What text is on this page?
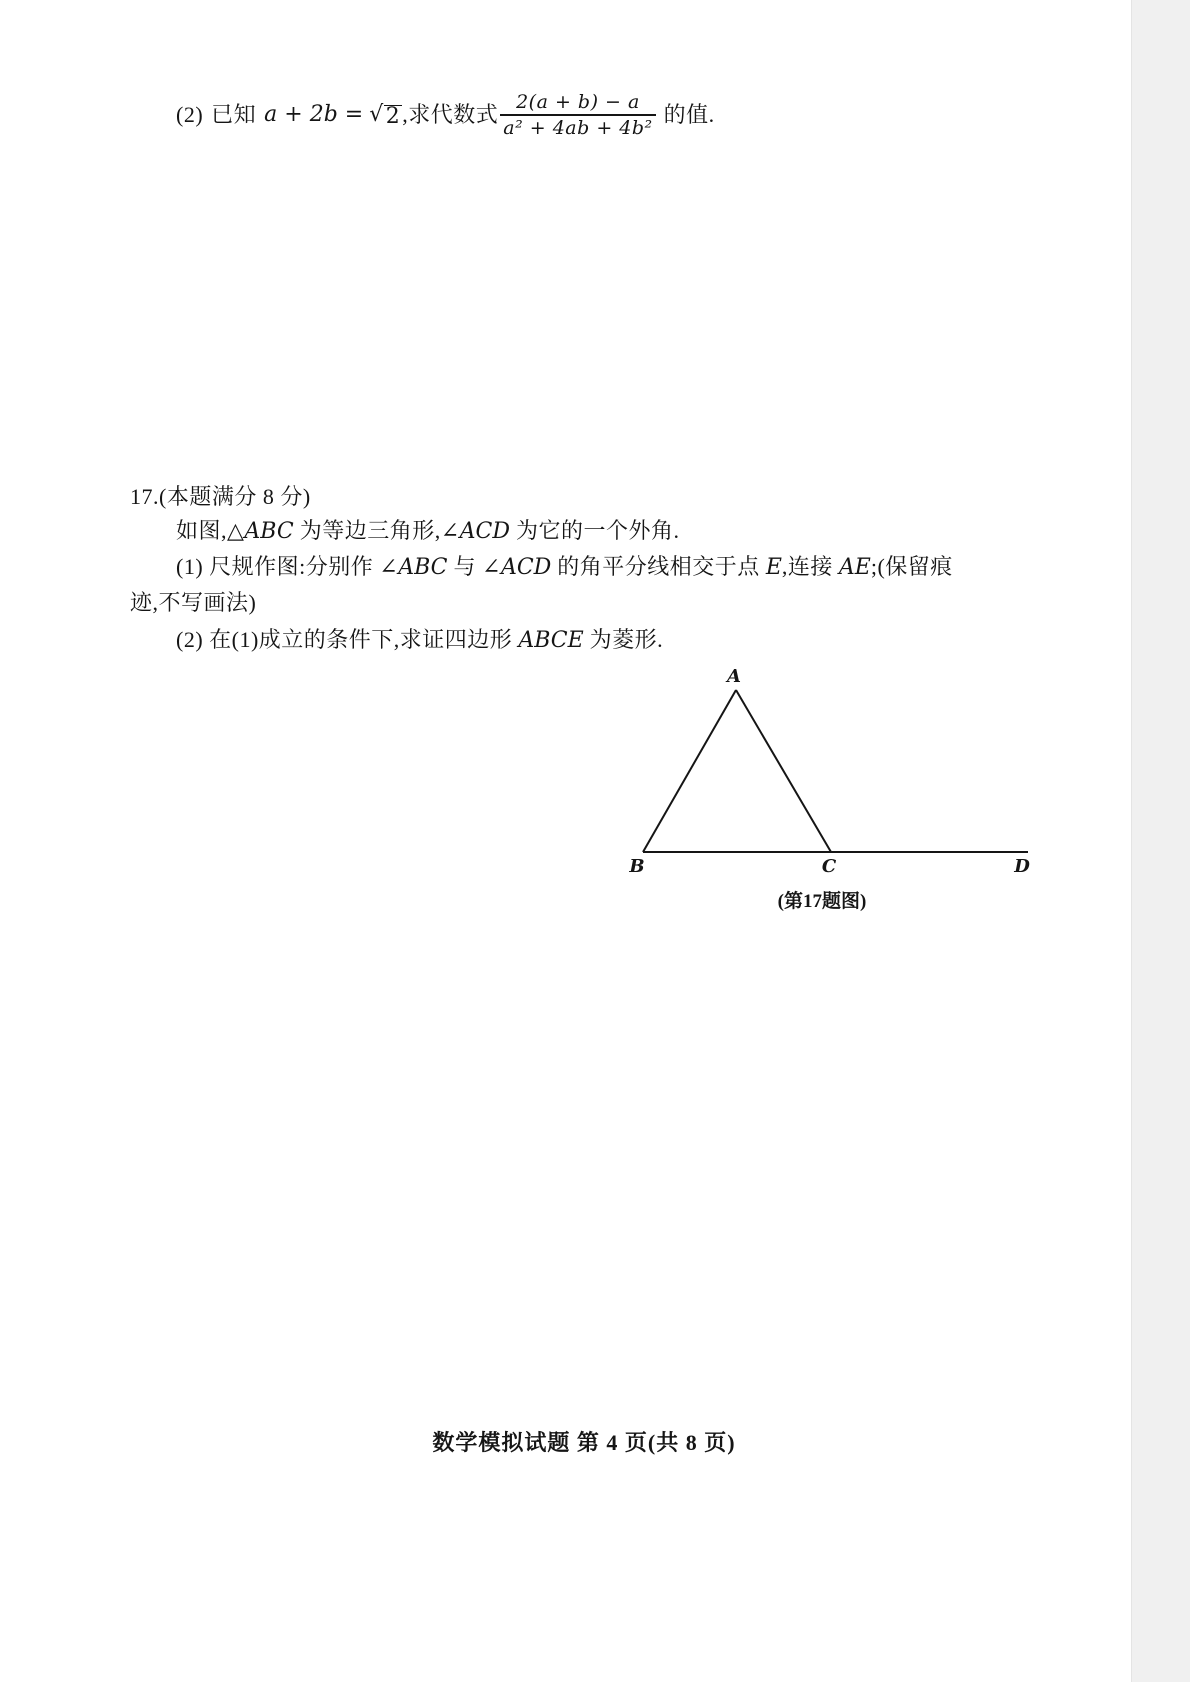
(2) 已知 a + 2b = √ 2 ,求代数式 $\frac{2(a + b) - a}{\text{a² + 4ab + 4b²}}$ 的值.
17.(本题满分 8 分)
如图,△ABC 为等边三角形,∠ACD 为它的一个外角.
(1) 尺规作图:分别作 ∠ABC 与 ∠ACD 的角平分线相交于点 E,连接 AE;(保留痕
迹,不写画法)
(2) 在(1)成立的条件下,求证四边形 ABCE 为菱形.
A
B	C	D
(第17题图)
数学模拟试题 第 4 页(共 8 页)
